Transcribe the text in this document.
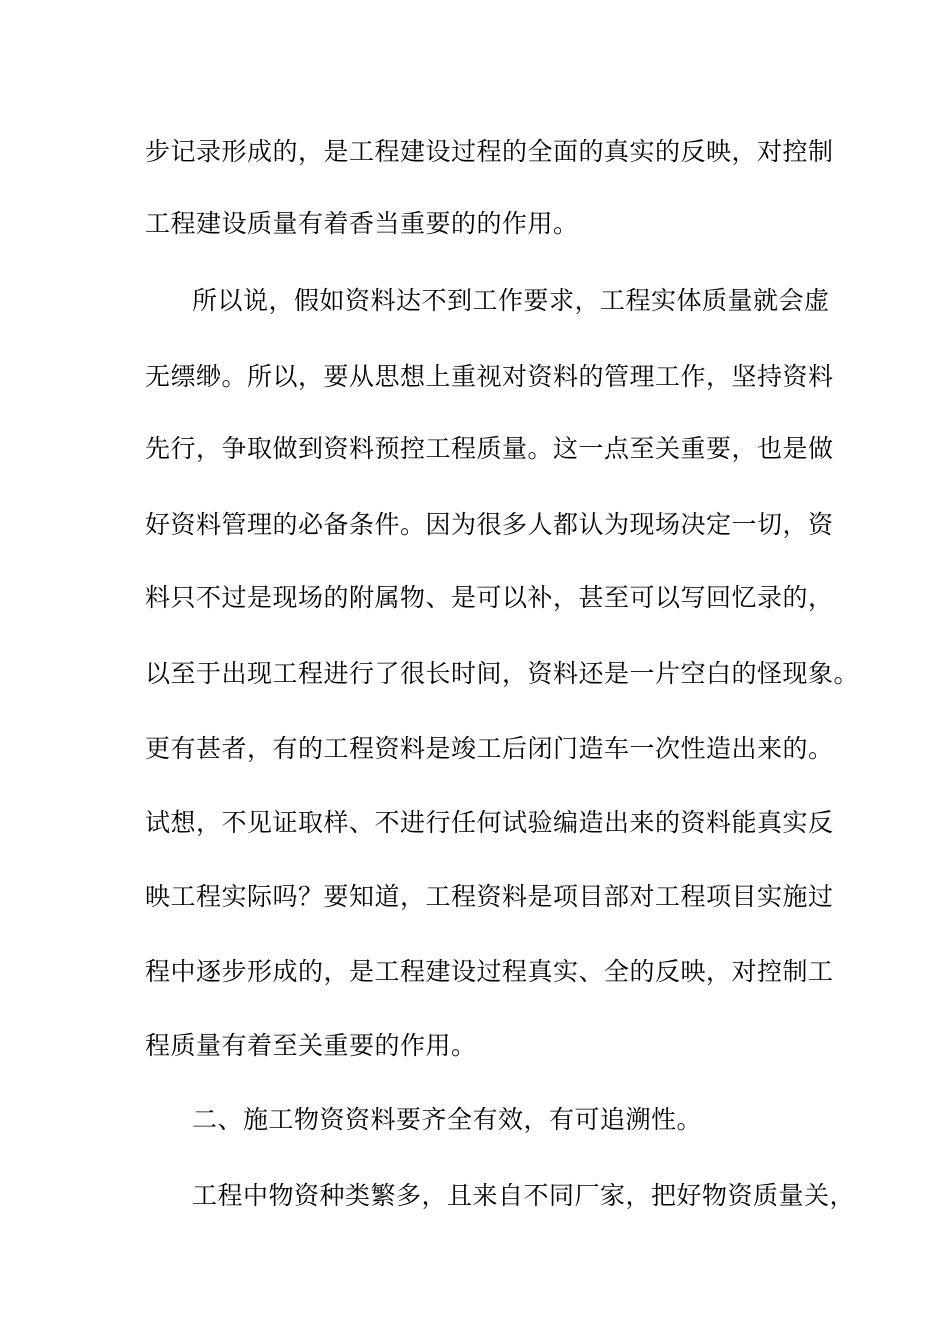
步记录形成的，是工程建设过程的全面的真实的反映，对控制
工程建设质量有着香当重要的的作用。
所以说，假如资料达不到工作要求，工程实体质量就会虚
无缥缈。所以，要从思想上重视对资料的管理工作，坚持资料
先行，争取做到资料预控工程质量。这一点至关重要，也是做
好资料管理的必备条件。因为很多人都认为现场决定一切，资
料只不过是现场的附属物、是可以补，甚至可以写回忆录的，
以至于出现工程进行了很长时间，资料还是一片空白的怪现象。
更有甚者，有的工程资料是竣工后闭门造车一次性造出来的。
试想，不见证取样、不进行任何试验编造出来的资料能真实反
映工程实际吗？要知道，工程资料是项目部对工程项目实施过
程中逐步形成的，是工程建设过程真实、全的反映，对控制工
程质量有着至关重要的作用。
二、施工物资资料要齐全有效，有可追溯性。
工程中物资种类繁多，且来自不同厂家，把好物资质量关，
